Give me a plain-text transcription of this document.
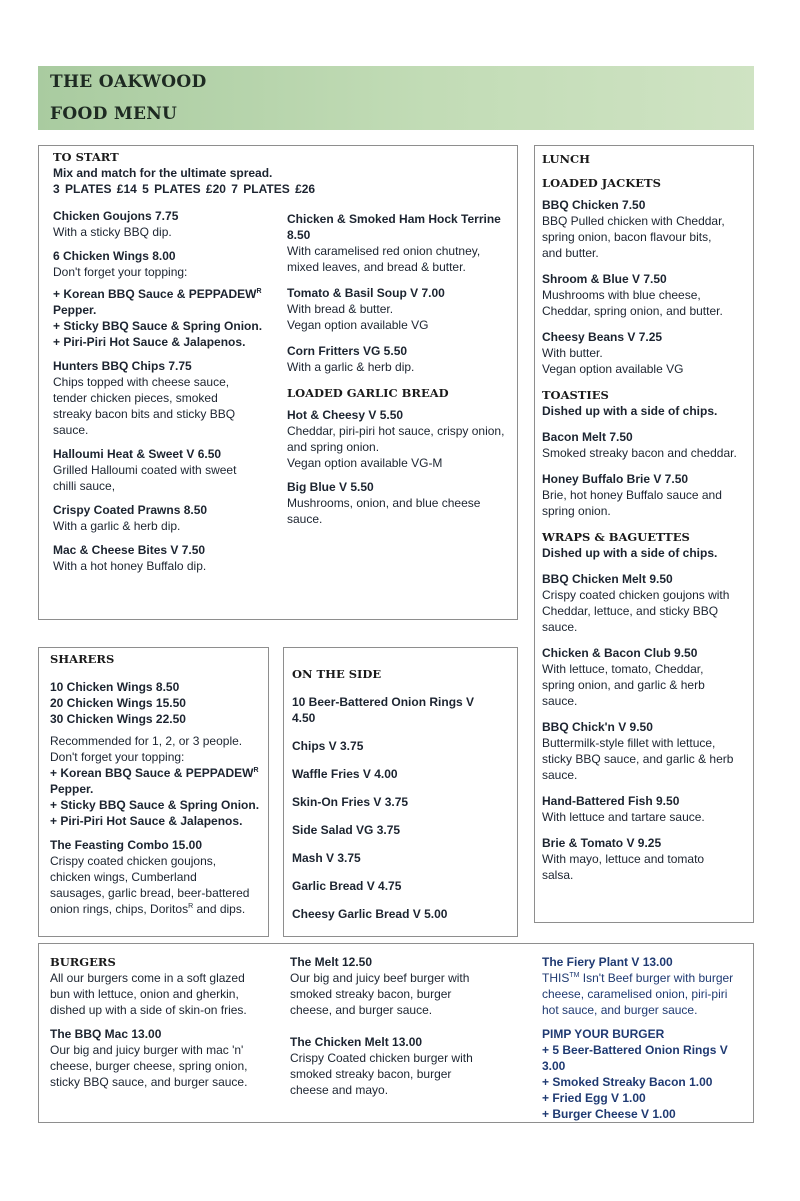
THE OAKWOOD

FOOD MENU

TO START

Mix and match for the ultimate spread.
3 PLATES £14 5 PLATES £20 7 PLATES £26
Chicken Goujons 7.75
With a sticky BBQ dip.
6 Chicken Wings 8.00
Don't forget your topping:
+ Korean BBQ Sauce & $PEPPADEW^R$
Pepper.
+ Sticky BBQ Sauce & Spring Onion.
+ Piri-Piri Hot Sauce & Jalapenos.
Hunters BBQ Chips 7.75
Chips topped with cheese sauce,
tender chicken pieces, smoked
streaky bacon bits and sticky BBQ
sauce.
Halloumi Heat & Sweet V 6.50
Grilled Halloumi coated with sweet
chilli sauce,
Crispy Coated Prawns 8.50
With a garlic & herb dip.
Mac & Cheese Bites V 7.50
With a hot honey Buffalo dip.
Chicken & Smoked Ham Hock Terrine
8.50
With caramelised red onion chutney,
mixed leaves, and bread & butter.
Tomato & Basil Soup V 7.00
With bread & butter.
Vegan option available VG
Corn Fritters VG 5.50
With a garlic & herb dip.

LOADED GARLIC BREAD

Hot & Cheesy V 5.50
Cheddar, piri-piri hot sauce, crispy onion,
and spring onion.
Vegan option available VG-M
Big Blue V 5.50
Mushrooms, onion, and blue cheese
sauce.

LUNCH

LOADED JACKETS

BBQ Chicken 7.50
BBQ Pulled chicken with Cheddar,
spring onion, bacon flavour bits,
and butter.
Shroom & Blue V 7.50
Mushrooms with blue cheese,
Cheddar, spring onion, and butter.
Cheesy Beans V 7.25
With butter.
Vegan option available VG

TOASTIES

Dished up with a side of chips.
Bacon Melt 7.50
Smoked streaky bacon and cheddar.
Honey Buffalo Brie V 7.50
Brie, hot honey Buffalo sauce and
spring onion.

WRAPS & BAGUETTES

Dished up with a side of chips.
BBQ Chicken Melt 9.50
Crispy coated chicken goujons with
Cheddar, lettuce, and sticky BBQ
sauce.
Chicken & Bacon Club 9.50
With lettuce, tomato, Cheddar,
spring onion, and garlic & herb
sauce.
BBQ Chick'n V 9.50
Buttermilk-style fillet with lettuce,
sticky BBQ sauce, and garlic & herb
sauce.
Hand-Battered Fish 9.50
With lettuce and tartare sauce.
Brie & Tomato V 9.25
With mayo, lettuce and tomato
salsa.

SHARERS

10 Chicken Wings 8.50
20 Chicken Wings 15.50
30 Chicken Wings 22.50
Recommended for 1, 2, or 3 people.
Don't forget your topping:
+ Korean BBQ Sauce & $PEPPADEW^R$
Pepper.
+ Sticky BBQ Sauce & Spring Onion.
+ Piri-Piri Hot Sauce & Jalapenos.
The Feasting Combo 15.00
Crispy coated chicken goujons,
chicken wings, Cumberland
sausages, garlic bread, beer-battered
onion rings, chips, Doritos$^R$ and dips.

ON THE SIDE

10 Beer-Battered Onion Rings V
4.50
Chips V 3.75
Waffle Fries V 4.00
Skin-On Fries V 3.75
Side Salad VG 3.75
Mash V 3.75
Garlic Bread V 4.75
Cheesy Garlic Bread V 5.00

BURGERS

All our burgers come in a soft glazed
bun with lettuce, onion and gherkin,
dished up with a side of skin-on fries.
The BBQ Mac 13.00
Our big and juicy burger with mac 'n'
cheese, burger cheese, spring onion,
sticky BBQ sauce, and burger sauce.
The Melt 12.50
Our big and juicy beef burger with
smoked streaky bacon, burger
cheese, and burger sauce.
The Chicken Melt 13.00
Crispy Coated chicken burger with
smoked streaky bacon, burger
cheese and mayo.
The Fiery Plant V 13.00
THIS™ Isn't Beef burger with burger
cheese, caramelised onion, piri-piri
hot sauce, and burger sauce.
PIMP YOUR BURGER
+ 5 Beer-Battered Onion Rings V 3.00
+ Smoked Streaky Bacon 1.00
+ Fried Egg V 1.00
+ Burger Cheese V 1.00
